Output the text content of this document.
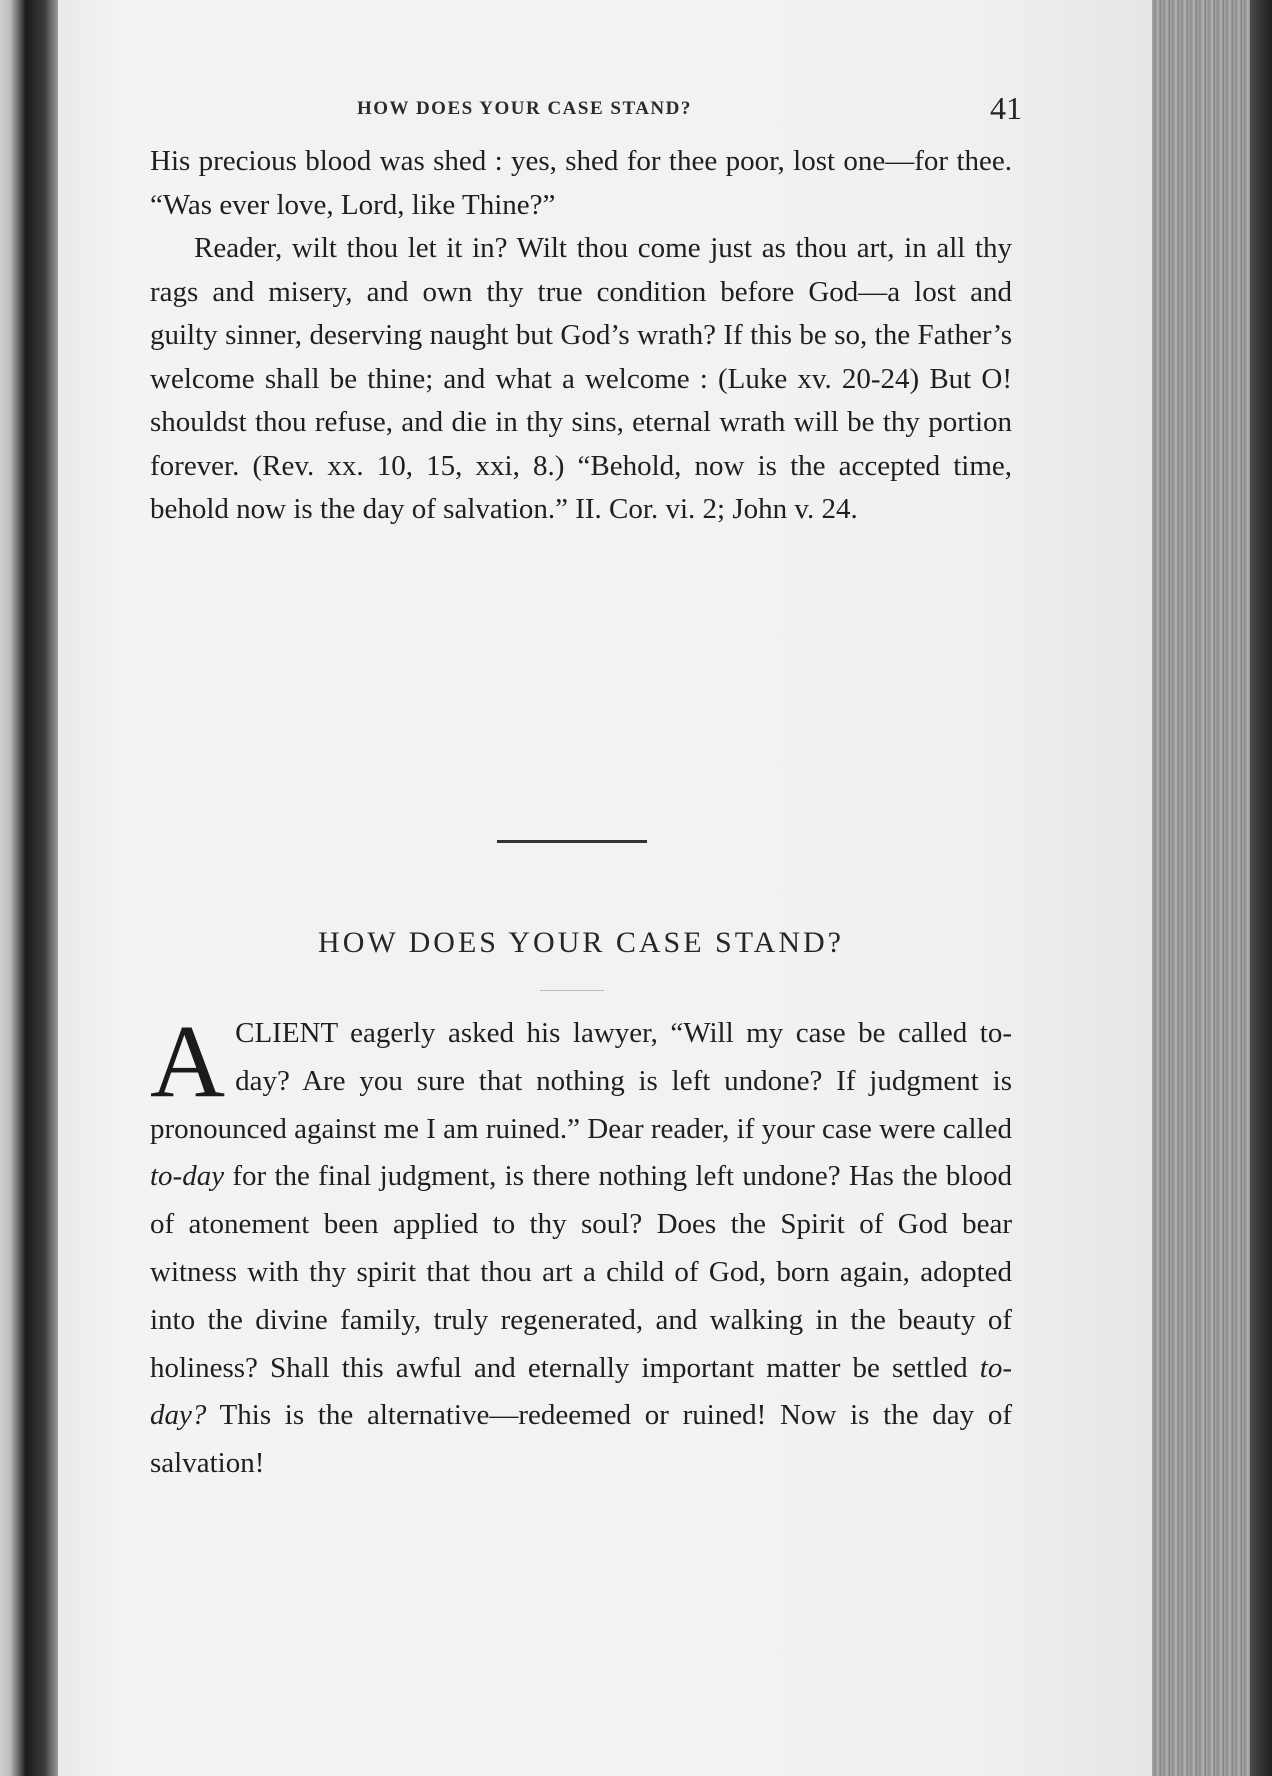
HOW DOES YOUR CASE STAND?	41

His precious blood was shed : yes, shed for thee poor, lost one—for thee. “Was ever love, Lord, like Thine?”

Reader, wilt thou let it in? Wilt thou come just as thou art, in all thy rags and misery, and own thy true condition before God—a lost and guilty sinner, deserving naught but God’s wrath? If this be so, the Father’s welcome shall be thine; and what a welcome : (Luke xv. 20-24) But O! shouldst thou refuse, and die in thy sins, eternal wrath will be thy portion forever. (Rev. xx. 10, 15, xxi, 8.) “Behold, now is the accepted time, behold now is the day of salvation.” II. Cor. vi. 2; John v. 24.

HOW DOES YOUR CASE STAND?
A CLIENT eagerly asked his lawyer, “Will my case be called to-day? Are you sure that nothing is left undone? If judgment is pronounced against me I am ruined.” Dear reader, if your case were called to-day for the final judgment, is there nothing left undone? Has the blood of atonement been applied to thy soul? Does the Spirit of God bear witness with thy spirit that thou art a child of God, born again, adopted into the divine family, truly regenerated, and walking in the beauty of holiness? Shall this awful and eternally important matter be settled to-day? This is the alternative—redeemed or ruined! Now is the day of salvation!
